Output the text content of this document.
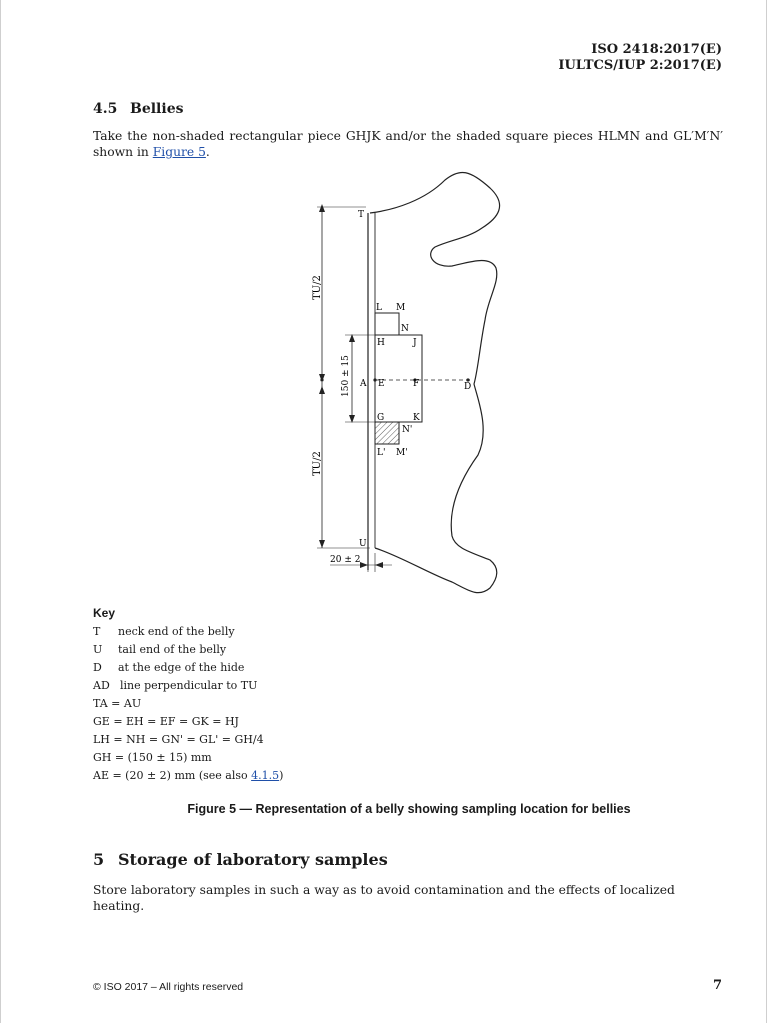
ISO 2418:2017(E)
IULTCS/IUP 2:2017(E)
4.5 Bellies
Take the non-shaded rectangular piece GHJK and/or the shaded square pieces HLMN and GL′M′N′ shown in Figure 5.
T
U
L M
N
H	J
A E	F	D
G	K
N'
L' M'
TU/2
TU/2
150 ± 15
20 ± 2
Key
T	neck end of the belly
U	tail end of the belly
D	at the edge of the hide
AD line perpendicular to TU
TA = AU
GE = EH = EF = GK = HJ
LH = NH = GN' = GL' = GH/4
GH = (150 ± 15) mm
AE = (20 ± 2) mm (see also 4.1.5)
Figure 5 — Representation of a belly showing sampling location for bellies
5 Storage of laboratory samples
Store laboratory samples in such a way as to avoid contamination and the effects of localized heating.
© ISO 2017 – All rights reserved	7
